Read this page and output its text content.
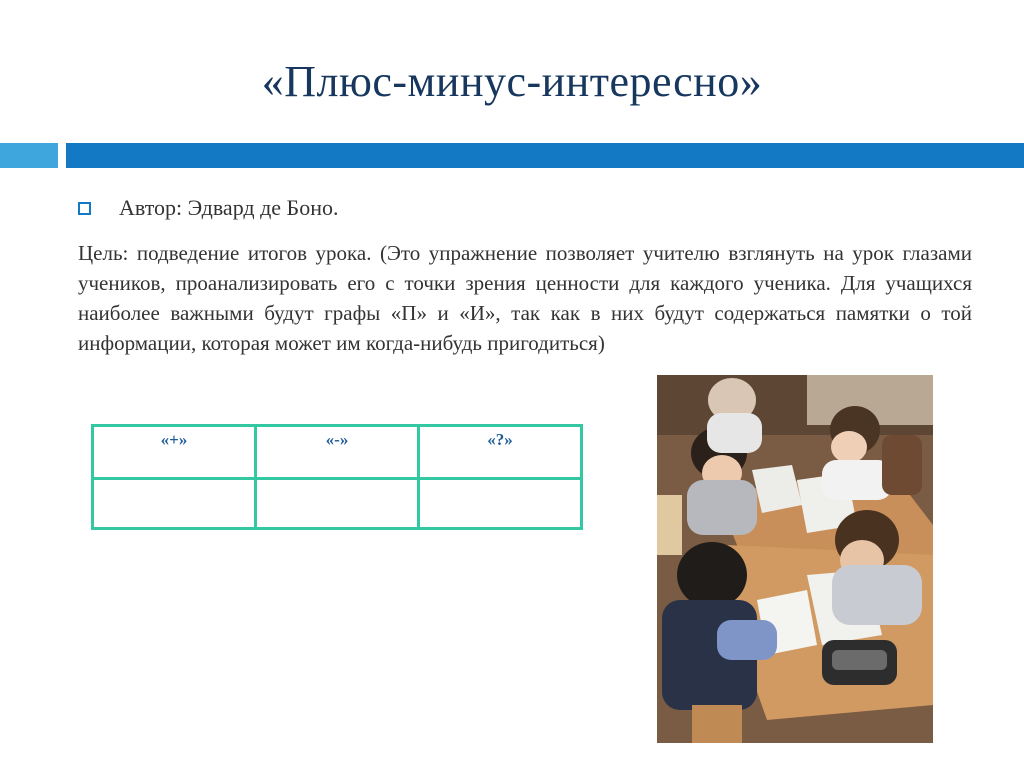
«Плюс-минус-интересно»
Автор: Эдвард де Боно.
Цель: подведение итогов урока. (Это упражнение позволяет учителю взглянуть на урок глазами учеников, проанализировать его с точки зрения ценности для каждого ученика. Для учащихся наиболее важными будут графы «П» и «И», так как в них будут содержаться памятки о той информации, которая может им когда-нибудь пригодиться)
«+»	«-»	«?»
